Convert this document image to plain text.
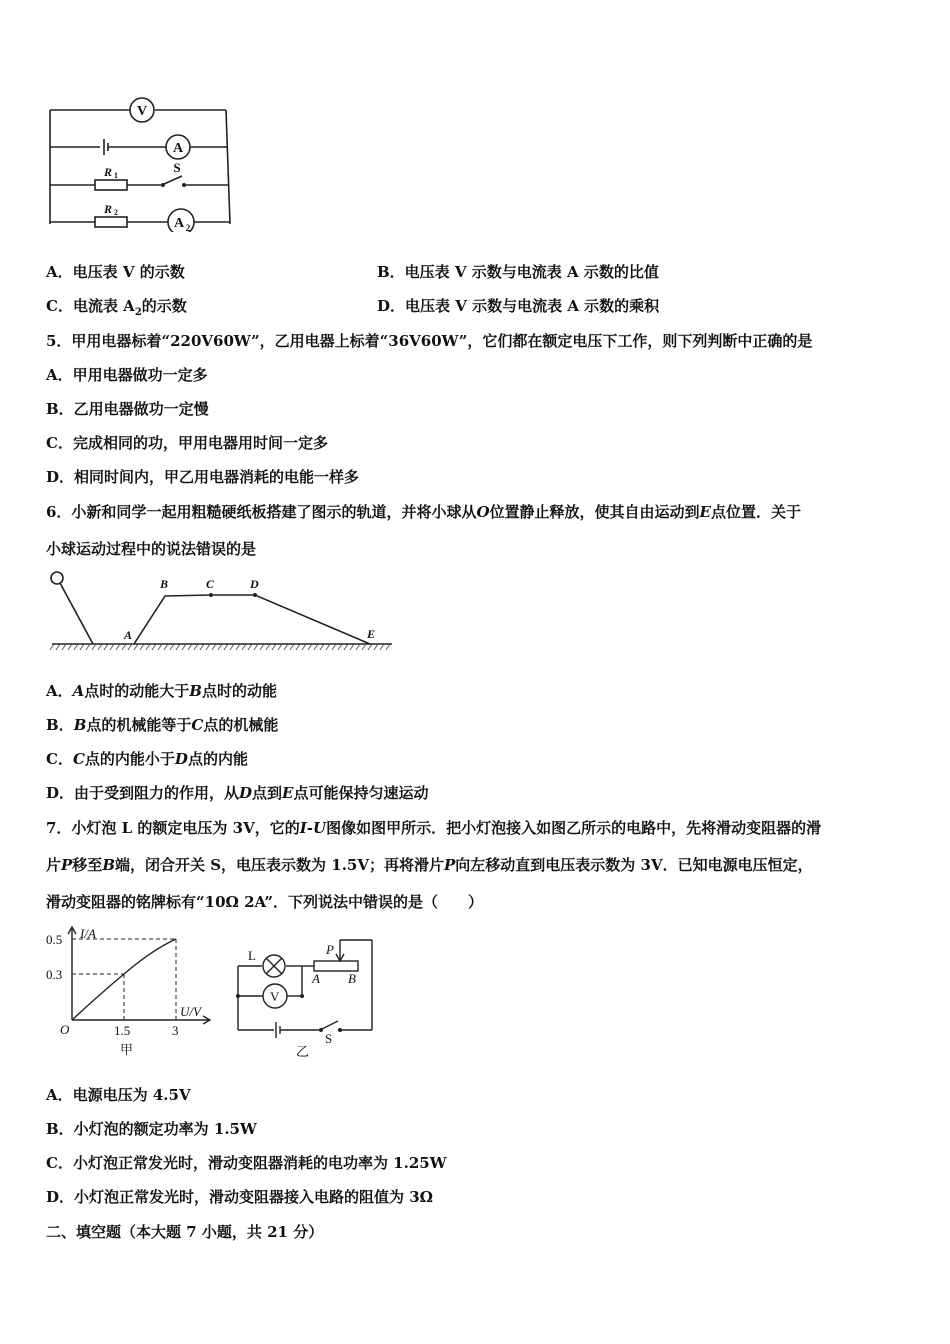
V
A
A 2
S
R 1
R 2
A．电压表 V 的示数	B．电压表 V 示数与电流表 A 示数的比值
C．电流表 $A_2$的示数	D．电压表 V 示数与电流表 A 示数的乘积
5．甲用电器标着“220V60W”，乙用电器上标着“36V60W”，它们都在额定电压下工作，则下列判断中正确的是
A．甲用电器做功一定多
B．乙用电器做功一定慢
C．完成相同的功，甲用电器用时间一定多
D．相同时间内，甲乙用电器消耗的电能一样多
6．小新和同学一起用粗糙硬纸板搭建了图示的轨道，并将小球从O位置静止释放，使其自由运动到E点位置．关于
小球运动过程中的说法错误的是
A
B	C	D
E
A．A点时的动能大于B点时的动能
B．B点的机械能等于C点的机械能
C．C点的内能小于D点的内能
D．由于受到阻力的作用，从D点到E点可能保持匀速运动
7．小灯泡 L 的额定电压为 3V，它的I-U图像如图甲所示．把小灯泡接入如图乙所示的电路中，先将滑动变阻器的滑
片P移至B端，闭合开关 S，电压表示数为 1.5V；再将滑片P向左移动直到电压表示数为 3V．已知电源电压恒定，
滑动变阻器的铭牌标有“10Ω 2A”．下列说法中错误的是（　　）
I/A
U/V
O
0.5
0.3
1.5	3
甲
L
V
P
A B
S
乙
A．电源电压为 4.5V
B．小灯泡的额定功率为 1.5W
C．小灯泡正常发光时，滑动变阻器消耗的电功率为 1.25W
D．小灯泡正常发光时，滑动变阻器接入电路的阻值为 3Ω
二、填空题（本大题 7 小题，共 21 分）
